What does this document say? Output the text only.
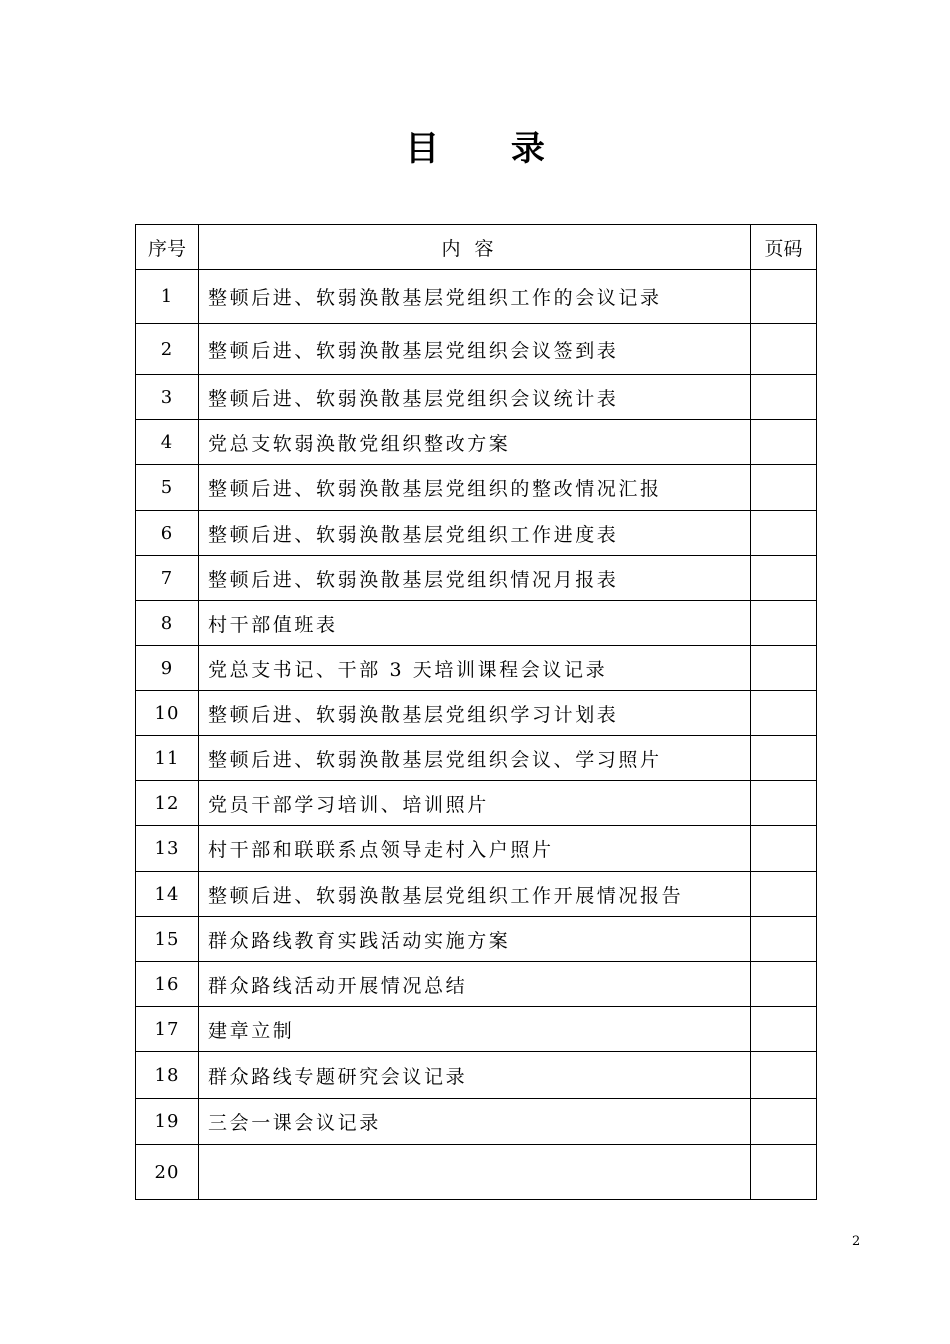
目 录
序号	内容	页码
1	整顿后进、软弱涣散基层党组织工作的会议记录	
2	整顿后进、软弱涣散基层党组织会议签到表	
3	整顿后进、软弱涣散基层党组织会议统计表	
4	党总支软弱涣散党组织整改方案	
5	整顿后进、软弱涣散基层党组织的整改情况汇报	
6	整顿后进、软弱涣散基层党组织工作进度表	
7	整顿后进、软弱涣散基层党组织情况月报表	
8	村干部值班表	
9	党总支书记、干部 3 天培训课程会议记录	
10	整顿后进、软弱涣散基层党组织学习计划表	
11	整顿后进、软弱涣散基层党组织会议、学习照片	
12	党员干部学习培训、培训照片	
13	村干部和联联系点领导走村入户照片	
14	整顿后进、软弱涣散基层党组织工作开展情况报告	
15	群众路线教育实践活动实施方案	
16	群众路线活动开展情况总结	
17	建章立制	
18	群众路线专题研究会议记录	
19	三会一课会议记录	
20		
2
